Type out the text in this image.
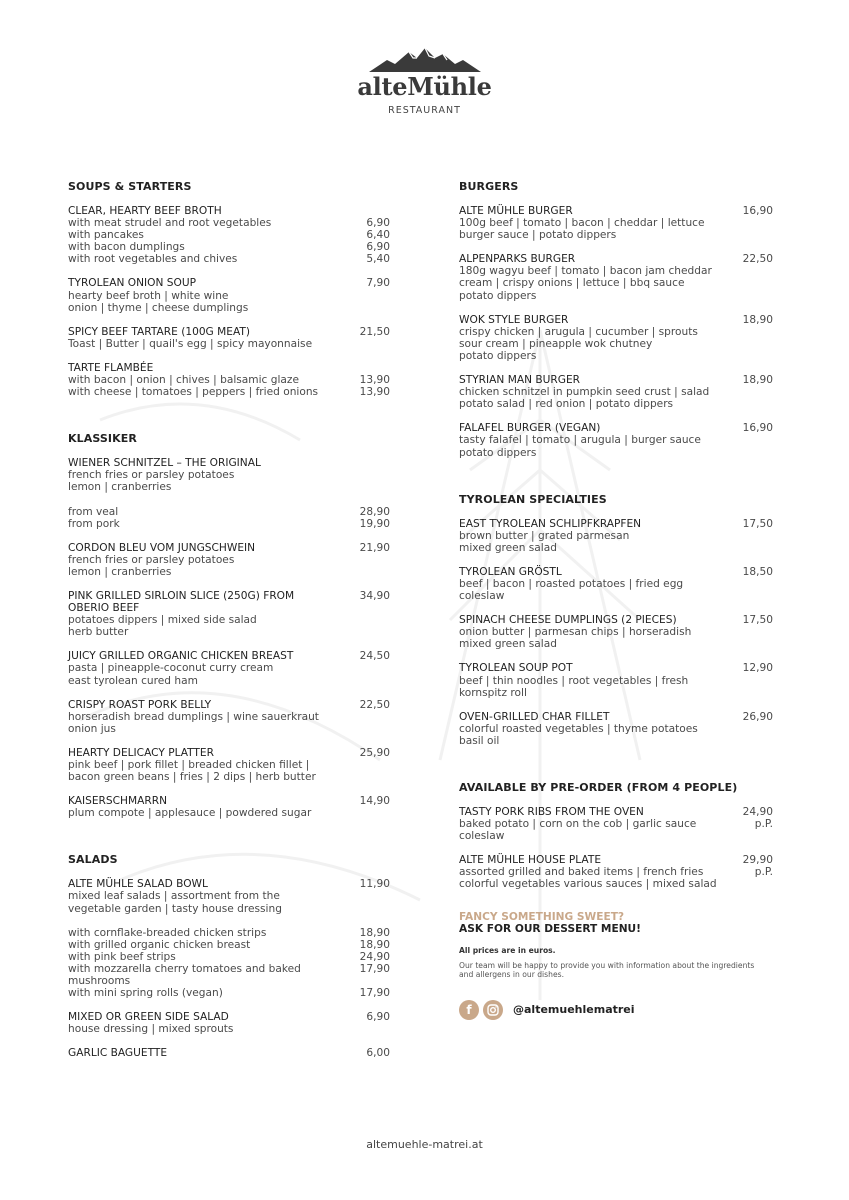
alteMühle
RESTAURANT
SOUPS & STARTERS
CLEAR, HEARTY BEEF BROTH
with meat strudel and root vegetables	6,90
with pancakes	6,40
with bacon dumplings	6,90
with root vegetables and chives	5,40
TYROLEAN ONION SOUP	7,90
hearty beef broth | white wine
onion | thyme | cheese dumplings
SPICY BEEF TARTARE (100G MEAT)	21,50
Toast | Butter | quail's egg | spicy mayonnaise
TARTE FLAMBÉE
with bacon | onion | chives | balsamic glaze	13,90
with cheese | tomatoes | peppers | fried onions	13,90
KLASSIKER
WIENER SCHNITZEL – THE ORIGINAL
french fries or parsley potatoes
lemon | cranberries
from veal	28,90
from pork	19,90
CORDON BLEU VOM JUNGSCHWEIN	21,90
french fries or parsley potatoes
lemon | cranberries
PINK GRILLED SIRLOIN SLICE (250G) FROM	34,90
OBERIO BEEF
potatoes dippers | mixed side salad
herb butter
JUICY GRILLED ORGANIC CHICKEN BREAST	24,50
pasta | pineapple-coconut curry cream
east tyrolean cured ham
CRISPY ROAST PORK BELLY	22,50
horseradish bread dumplings | wine sauerkraut
onion jus
HEARTY DELICACY PLATTER	25,90
pink beef | pork fillet | breaded chicken fillet |
bacon green beans | fries | 2 dips | herb butter
KAISERSCHMARRN	14,90
plum compote | applesauce | powdered sugar
SALADS
ALTE MÜHLE SALAD BOWL	11,90
mixed leaf salads | assortment from the
vegetable garden | tasty house dressing
with cornflake-breaded chicken strips	18,90
with grilled organic chicken breast	18,90
with pink beef strips	24,90
with mozzarella cherry tomatoes and baked	17,90
mushrooms
with mini spring rolls (vegan)	17,90
MIXED OR GREEN SIDE SALAD	6,90
house dressing | mixed sprouts
GARLIC BAGUETTE	6,00
BURGERS
ALTE MÜHLE BURGER	16,90
100g beef | tomato | bacon | cheddar | lettuce
burger sauce | potato dippers
ALPENPARKS BURGER	22,50
180g wagyu beef | tomato | bacon jam cheddar
cream | crispy onions | lettuce | bbq sauce
potato dippers
WOK STYLE BURGER	18,90
crispy chicken | arugula | cucumber | sprouts
sour cream | pineapple wok chutney
potato dippers
STYRIAN MAN BURGER	18,90
chicken schnitzel in pumpkin seed crust | salad
potato salad | red onion | potato dippers
FALAFEL BURGER (VEGAN)	16,90
tasty falafel | tomato | arugula | burger sauce
potato dippers
TYROLEAN SPECIALTIES
EAST TYROLEAN SCHLIPFKRAPFEN	17,50
brown butter | grated parmesan
mixed green salad
TYROLEAN GRÖSTL	18,50
beef | bacon | roasted potatoes | fried egg
coleslaw
SPINACH CHEESE DUMPLINGS (2 PIECES)	17,50
onion butter | parmesan chips | horseradish
mixed green salad
TYROLEAN SOUP POT	12,90
beef | thin noodles | root vegetables | fresh
kornspitz roll
OVEN-GRILLED CHAR FILLET	26,90
colorful roasted vegetables | thyme potatoes
basil oil
AVAILABLE BY PRE-ORDER (FROM 4 PEOPLE)
TASTY PORK RIBS FROM THE OVEN	24,90
baked potato | corn on the cob | garlic sauce	p.P.
coleslaw
ALTE MÜHLE HOUSE PLATE	29,90
assorted grilled and baked items | french fries	p.P.
colorful vegetables various sauces | mixed salad
FANCY SOMETHING SWEET?
ASK FOR OUR DESSERT MENU!
All prices are in euros.
Our team will be happy to provide you with information about the ingredients
and allergens in our dishes.
f	@altemuehlematrei
altemuehle-matrei.at
